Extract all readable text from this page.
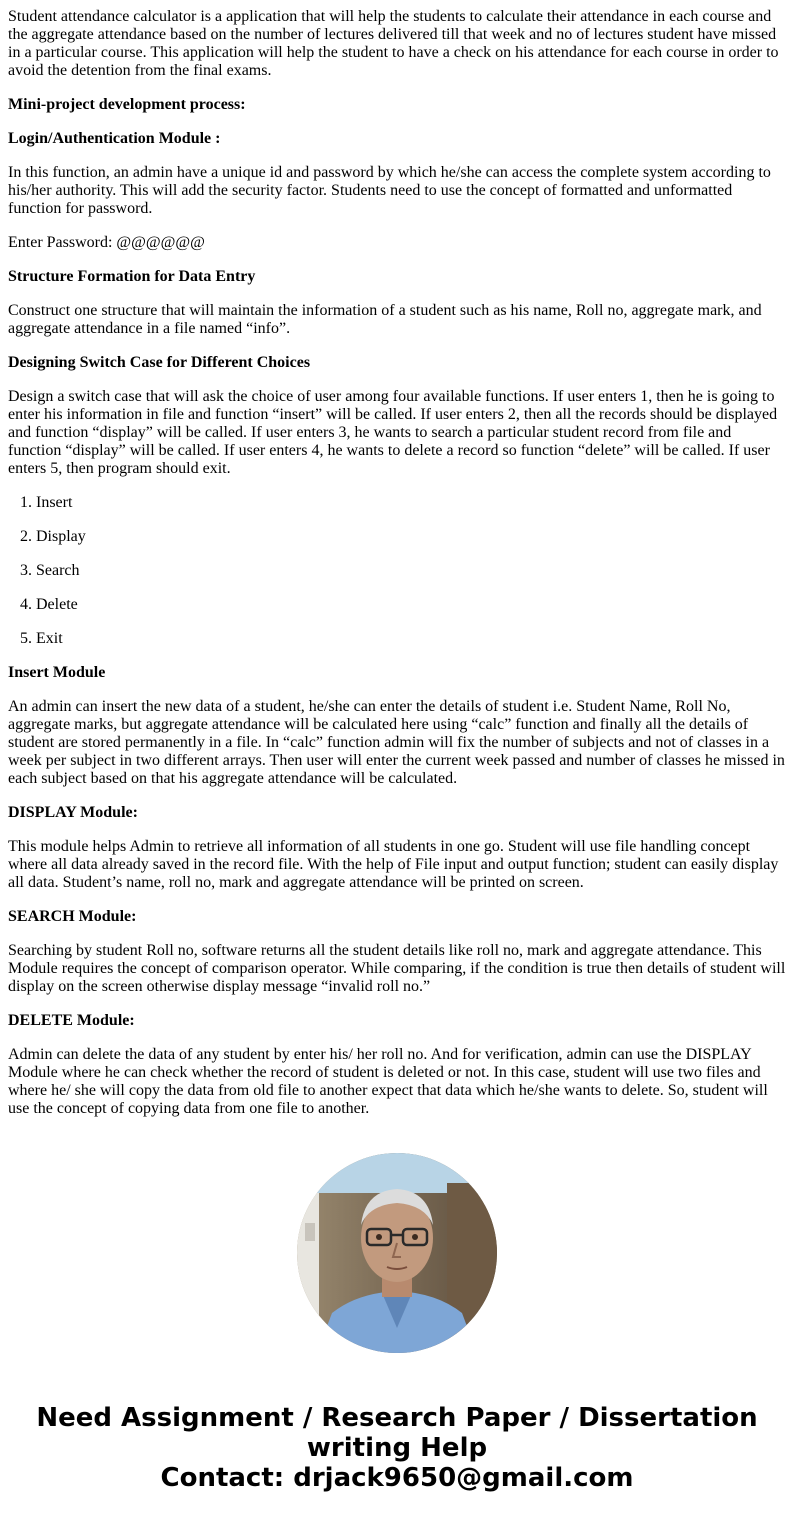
Student attendance calculator is a application that will help the students to calculate their attendance in each course and the aggregate attendance based on the number of lectures delivered till that week and no of lectures student have missed in a particular course. This application will help the student to have a check on his attendance for each course in order to avoid the detention from the final exams.

Mini-project development process:

Login/Authentication Module :

In this function, an admin have a unique id and password by which he/she can access the complete system according to his/her authority. This will add the security factor. Students need to use the concept of formatted and unformatted function for password.

Enter Password: @@@@@@

Structure Formation for Data Entry

Construct one structure that will maintain the information of a student such as his name, Roll no, aggregate mark, and aggregate attendance in a file named “info”.

Designing Switch Case for Different Choices

Design a switch case that will ask the choice of user among four available functions. If user enters 1, then he is going to enter his information in file and function “insert” will be called. If user enters 2, then all the records should be displayed and function “display” will be called. If user enters 3, he wants to search a particular student record from file and function “display” will be called. If user enters 4, he wants to delete a record so function “delete” will be called. If user enters 5, then program should exit.

1. Insert
2. Display
3. Search
4. Delete
5. Exit

Insert Module

An admin can insert the new data of a student, he/she can enter the details of student i.e. Student Name, Roll No, aggregate marks, but aggregate attendance will be calculated here using “calc” function and finally all the details of student are stored permanently in a file. In “calc” function admin will fix the number of subjects and not of classes in a week per subject in two different arrays. Then user will enter the current week passed and number of classes he missed in each subject based on that his aggregate attendance will be calculated.

DISPLAY Module:

This module helps Admin to retrieve all information of all students in one go. Student will use file handling concept where all data already saved in the record file. With the help of File input and output function; student can easily display all data. Student’s name, roll no, mark and aggregate attendance will be printed on screen.

SEARCH Module:

Searching by student Roll no, software returns all the student details like roll no, mark and aggregate attendance. This Module requires the concept of comparison operator. While comparing, if the condition is true then details of student will display on the screen otherwise display message “invalid roll no.”

DELETE Module:

Admin can delete the data of any student by enter his/ her roll no. And for verification, admin can use the DISPLAY Module where he can check whether the record of student is deleted or not. In this case, student will use two files and where he/ she will copy the data from old file to another expect that data which he/she wants to delete. So, student will use the concept of copying data from one file to another.

Need Assignment / Research Paper / Dissertation
writing Help
Contact: drjack9650@gmail.com
